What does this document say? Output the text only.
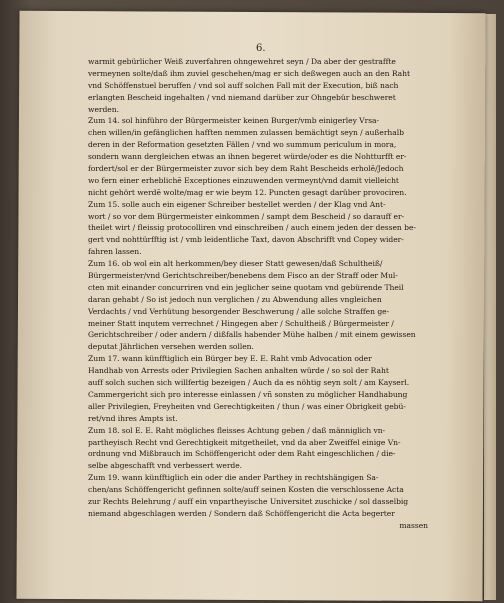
6.
warmit gebürlicher Weiß zuverfahren ohngewehret seyn / Da aber der gestraffte
vermeynen solte/daß ihm zuviel geschehen/mag er sich deßwegen auch an den Raht
vnd Schöffenstuel beruffen / vnd sol auff solchen Fall mit der Execution, biß nach
erlangten Bescheid ingehalten / vnd niemand darüber zur Ohngebür beschweret
werden.
Zum 14. sol hinführo der Bürgermeister keinen Burger/vmb einigerley Vrsa-
chen willen/in gefänglichen hafften nemmen zulassen bemächtigt seyn / außerhalb
deren in der Reformation gesetzten Fällen / vnd wo summum periculum in mora,
sondern wann dergleichen etwas an ihnen begeret würde/oder es die Nohtturfft er-
fordert/sol er der Bürgermeister zuvor sich bey dem Raht Bescheids erholē/Jedoch
wo fern einer erheblichē Exceptiones einzuwenden vermeynt/vnd damit vielleicht
nicht gehört werdē wolte/mag er wie beym 12. Puncten gesagt darüber provociren.
Zum 15. solle auch ein eigener Schreiber bestellet werden / der Klag vnd Ant-
wort / so vor dem Bürgermeister einkommen / sampt dem Bescheid / so darauff er-
theilet wirt / fleissig protocolliren vnd einschreiben / auch einem jeden der dessen be-
gert vnd nohttürfftig ist / vmb leidentliche Taxt, davon Abschrifft vnd Copey wider-
fahren lassen.
Zum 16. ob wol ein alt herkommen/bey dieser Statt gewesen/daß Schultheiß/
Bürgermeister/vnd Gerichtschreiber/benebens dem Fisco an der Straff oder Mul-
cten mit einander concurriren vnd ein jeglicher seine quotam vnd gebürende Theil
daran gehabt / So ist jedoch nun verglichen / zu Abwendung alles vngleichen
Verdachts / vnd Verhütung besorgender Beschwerung / alle solche Straffen ge-
meiner Statt inqutem verrechnet / Hingegen aber / Schultheiß / Bürgermeister /
Gerichtschreiber / oder andern / dißfalls habender Mühe halben / mit einem gewissen
deputat Jährlichen versehen werden sollen.
Zum 17. wann künfftiglich ein Bürger bey E. E. Raht vmb Advocation oder
Handhab von Arrests oder Privilegien Sachen anhalten würde / so sol der Raht
auff solch suchen sich willfertig bezeigen / Auch da es nöhtig seyn solt / am Kayserl.
Cammergericht sich pro interesse einlassen / vñ sonsten zu möglicher Handhabung
aller Privilegien, Freyheiten vnd Gerechtigkeiten / thun / was einer Obrigkeit gebü-
ret/vnd ihres Ampts ist.
Zum 18. sol E. E. Raht mögliches fleisses Achtung geben / daß männiglich vn-
partheyisch Recht vnd Gerechtigkeit mitgetheilet, vnd da aber Zweiffel einige Vn-
ordnung vnd Mißbrauch im Schöffengericht oder dem Raht eingeschlichen / die-
selbe abgeschafft vnd verbessert werde.
Zum 19. wann künfftiglich ein oder die ander Parthey in rechtshängigen Sa-
chen/ans Schöffengericht gefinnen solte/auff seinen Kosten die verschlossene Acta
zur Rechts Belehrung / auff ein vnpartheyische Universitet zuschicke / sol dasselbig
niemand abgeschlagen werden / Sondern daß Schöffengericht die Acta begerter
massen
